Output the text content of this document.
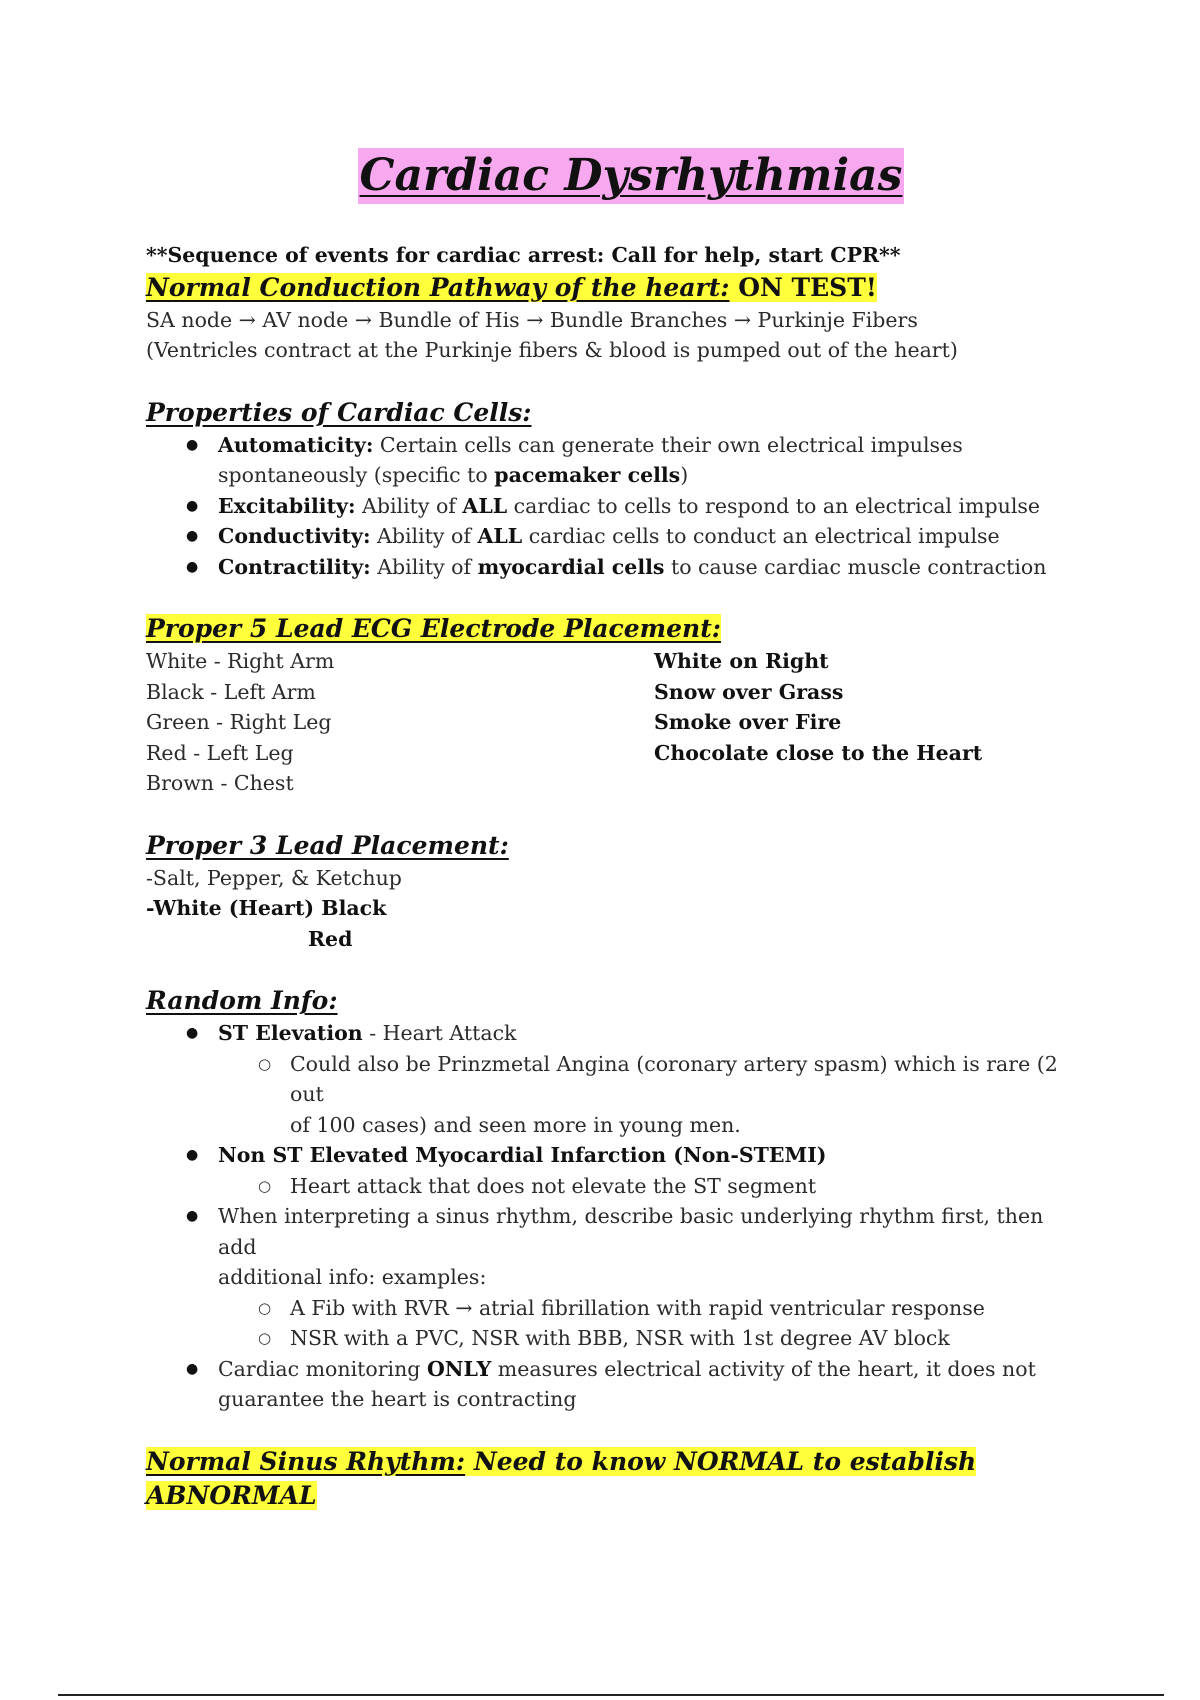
Cardiac Dysrhythmias

**Sequence of events for cardiac arrest: Call for help, start CPR**

Normal Conduction Pathway of the heart: ON TEST!

SA node → AV node → Bundle of His → Bundle Branches → Purkinje Fibers

(Ventricles contract at the Purkinje fibers & blood is pumped out of the heart)

Properties of Cardiac Cells:

● Automaticity: Certain cells can generate their own electrical impulses
spontaneously (specific to pacemaker cells)
● Excitability: Ability of ALL cardiac to cells to respond to an electrical impulse
● Conductivity: Ability of ALL cardiac cells to conduct an electrical impulse
● Contractility: Ability of myocardial cells to cause cardiac muscle contraction

Proper 5 Lead ECG Electrode Placement:

White - Right Arm

Black - Left Arm

Green - Right Leg

Red - Left Leg

Brown - Chest

White on Right

Snow over Grass

Smoke over Fire

Chocolate close to the Heart

Proper 3 Lead Placement:

-Salt, Pepper, & Ketchup

-White (Heart) Black

Red

Random Info:

● ST Elevation - Heart Attack
○ Could also be Prinzmetal Angina (coronary artery spasm) which is rare (2 out
of 100 cases) and seen more in young men.
● Non ST Elevated Myocardial Infarction (Non-STEMI)
○ Heart attack that does not elevate the ST segment
● When interpreting a sinus rhythm, describe basic underlying rhythm first, then add
additional info: examples:
○ A Fib with RVR → atrial fibrillation with rapid ventricular response
○ NSR with a PVC, NSR with BBB, NSR with 1st degree AV block
● Cardiac monitoring ONLY measures electrical activity of the heart, it does not
guarantee the heart is contracting

Normal Sinus Rhythm: Need to know NORMAL to establish ABNORMAL
